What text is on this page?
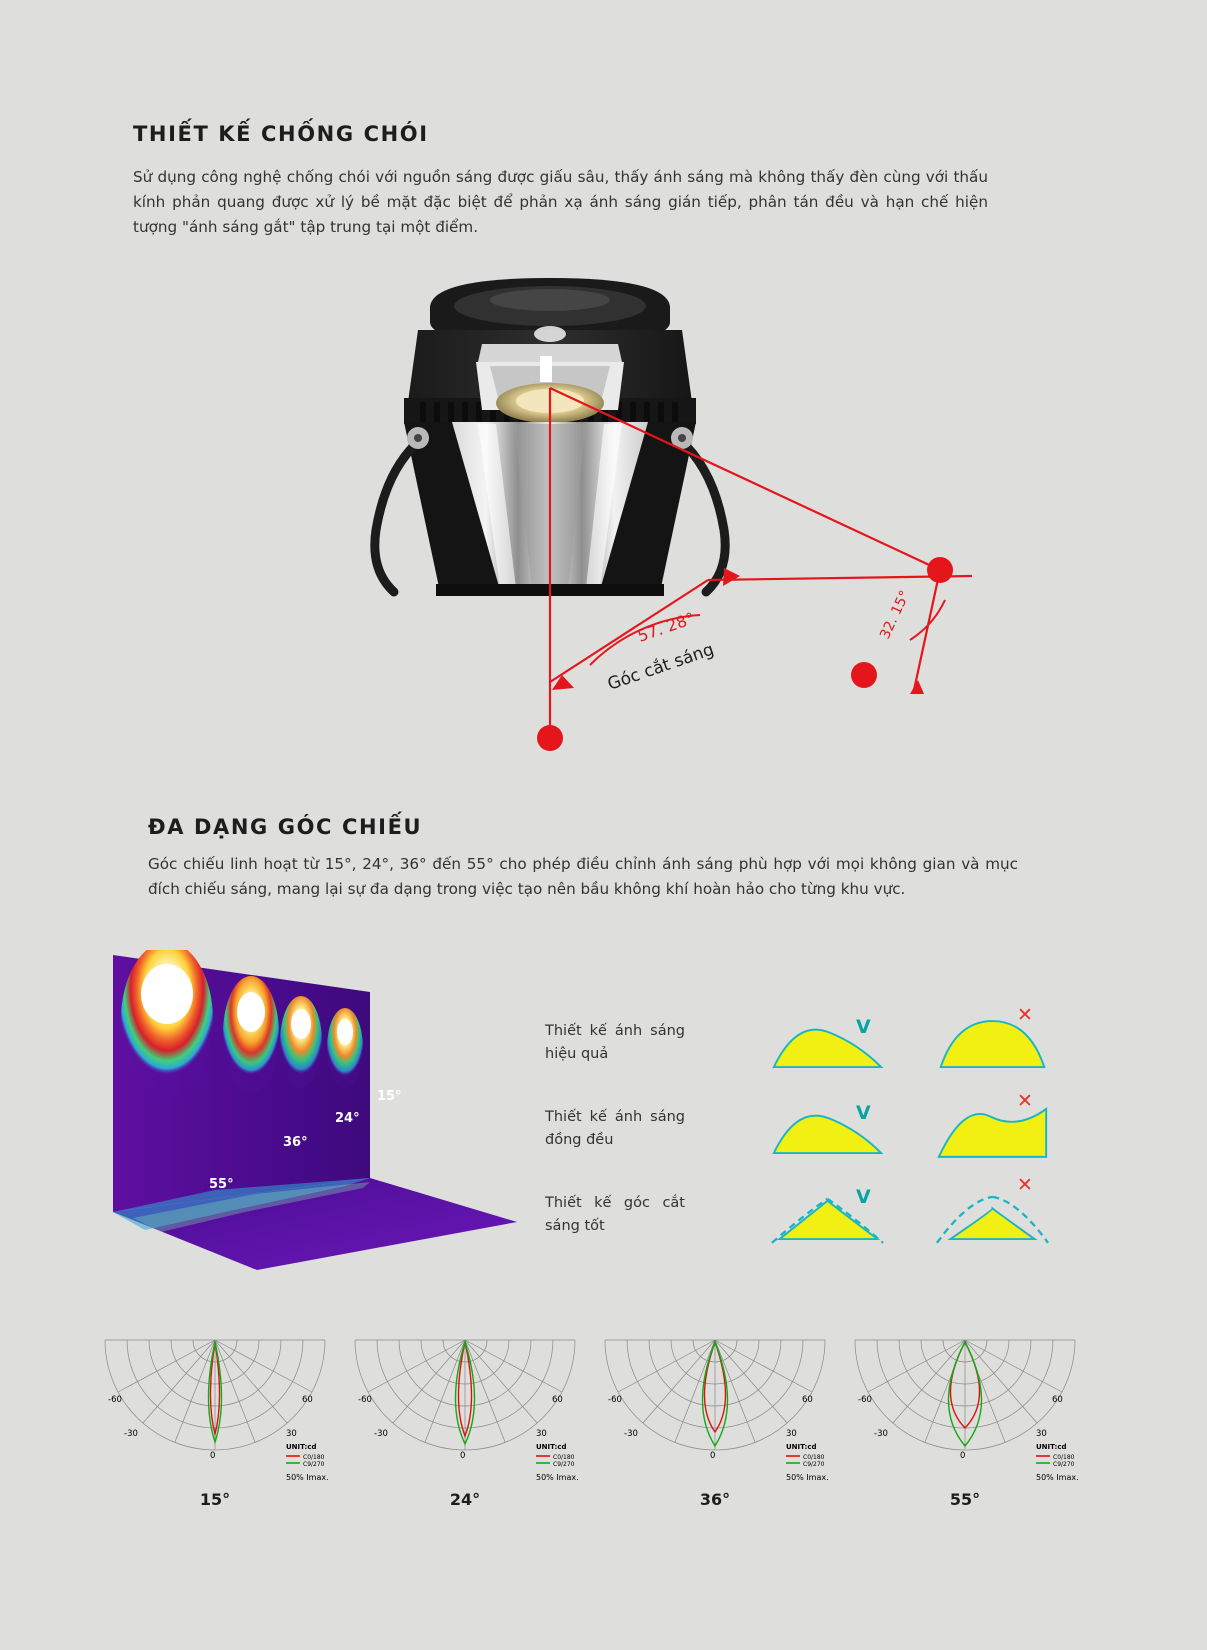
THIẾT KẾ CHỐNG CHÓI
Sử dụng công nghệ chống chói với nguồn sáng được giấu sâu, thấy ánh sáng mà không thấy đèn cùng với thấu kính phản quang được xử lý bề mặt đặc biệt để phản xạ ánh sáng gián tiếp, phân tán đều và hạn chế hiện tượng "ánh sáng gắt" tập trung tại một điểm.
57. 28°	32. 15°
Góc cắt sáng
ĐA DẠNG GÓC CHIẾU
Góc chiếu linh hoạt từ 15°, 24°, 36° đến 55° cho phép điều chỉnh ánh sáng phù hợp với mọi không gian và mục đích chiếu sáng, mang lại sự đa dạng trong việc tạo nên bầu không khí hoàn hảo cho từng khu vực.
15°
24°
36°
55°
Thiết kế ánh sáng hiệu quả
V
✕
Thiết kế ánh sáng đồng đều
V
✕
Thiết kế góc cắt sáng tốt
V
✕
-60	60
-30	30
0
UNIT:cd
C0/180
C9/270
50% Imax.
15°
-60	60
-30	30
0
UNIT:cd
C0/180
C9/270
50% Imax.
24°
-60	60
-30	30
0
UNIT:cd
C0/180
C9/270
50% Imax.
36°
-60	60
-30	30
0
UNIT:cd
C0/180
C9/270
50% Imax.
55°
